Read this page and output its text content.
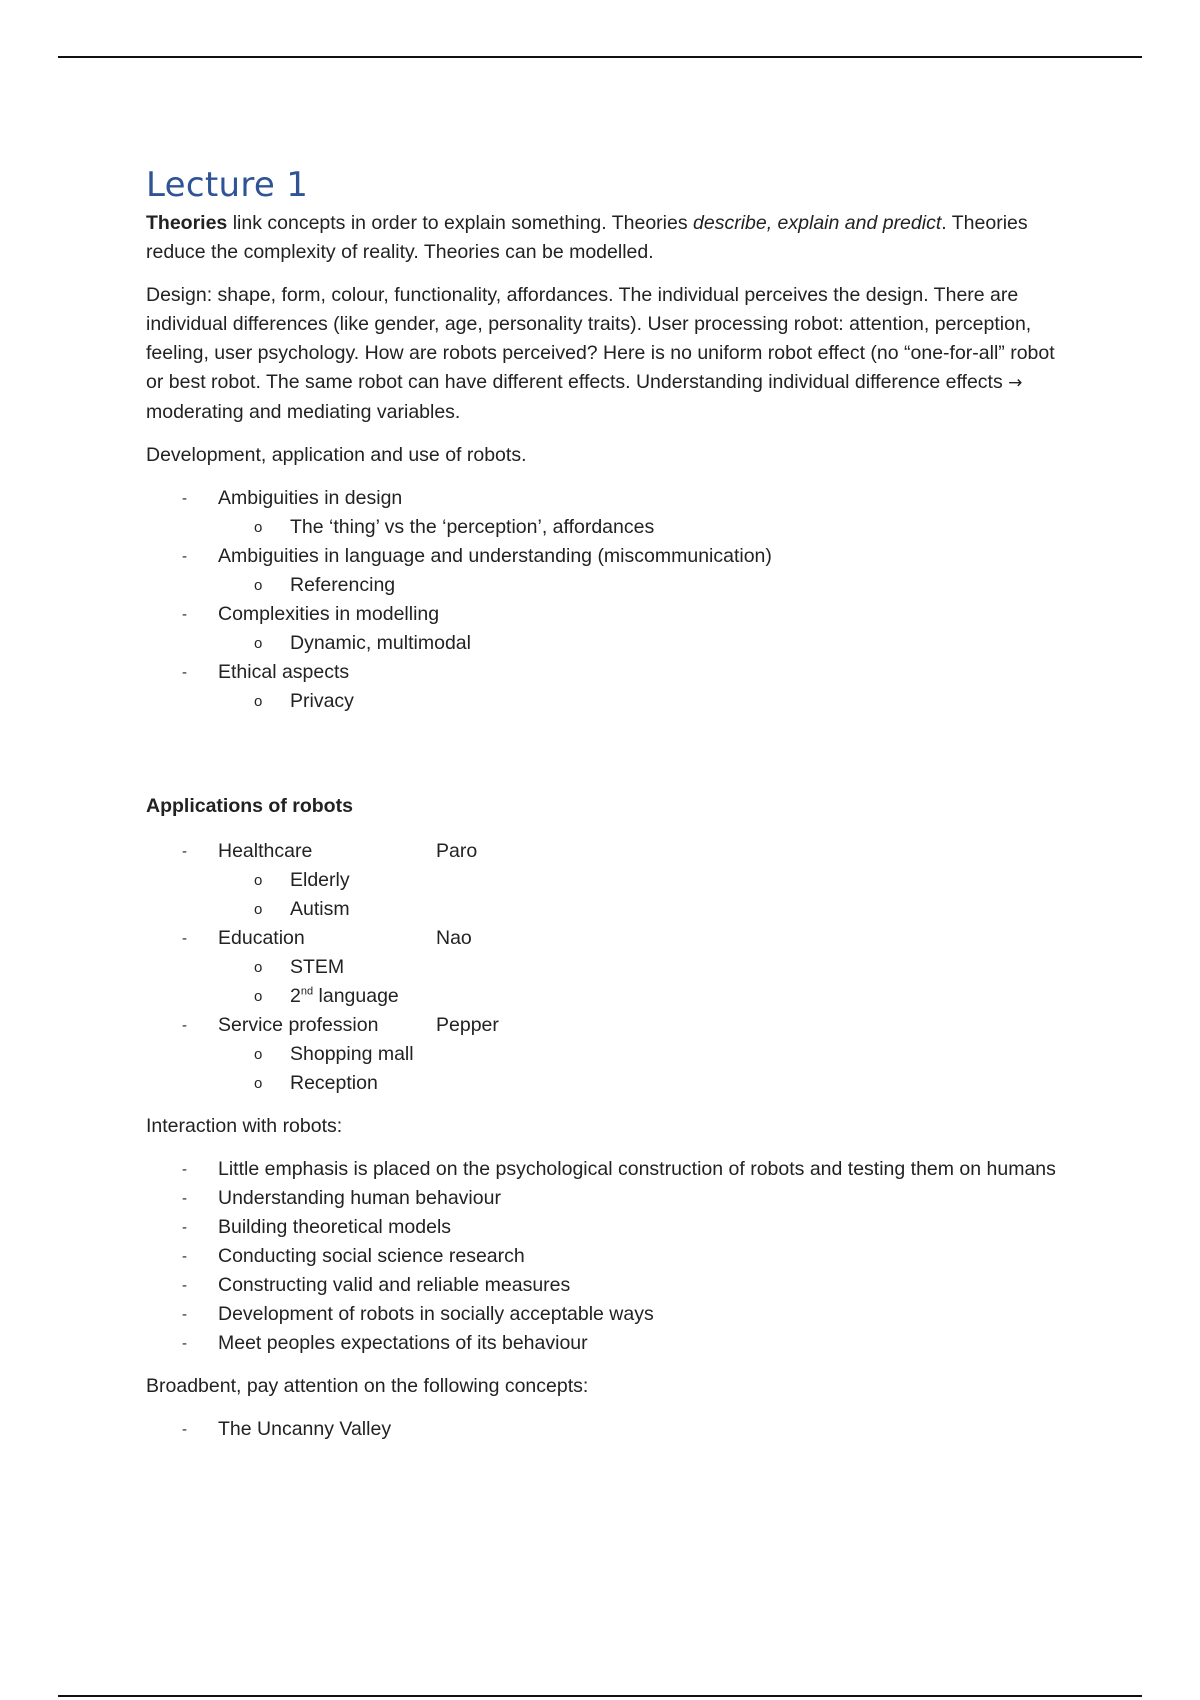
Lecture 1

Theories link concepts in order to explain something. Theories describe, explain and predict. Theories reduce the complexity of reality. Theories can be modelled.

Design: shape, form, colour, functionality, affordances. The individual perceives the design. There are individual differences (like gender, age, personality traits). User processing robot: attention, perception, feeling, user psychology. How are robots perceived? Here is no uniform robot effect (no “one-for-all” robot or best robot. The same robot can have different effects. Understanding individual difference effects → moderating and mediating variables.

Development, application and use of robots.

- Ambiguities in design
o The ‘thing’ vs the ‘perception’, affordances
- Ambiguities in language and understanding (miscommunication)
o Referencing
- Complexities in modelling
o Dynamic, multimodal
- Ethical aspects
o Privacy

Applications of robots

- Healthcare	Paro
o Elderly
o Autism
- Education	Nao
o STEM
o 2nd language
- Service profession	Pepper
o Shopping mall
o Reception

Interaction with robots:

- Little emphasis is placed on the psychological construction of robots and testing them on humans
- Understanding human behaviour
- Building theoretical models
- Conducting social science research
- Constructing valid and reliable measures
- Development of robots in socially acceptable ways
- Meet peoples expectations of its behaviour

Broadbent, pay attention on the following concepts:

- The Uncanny Valley
